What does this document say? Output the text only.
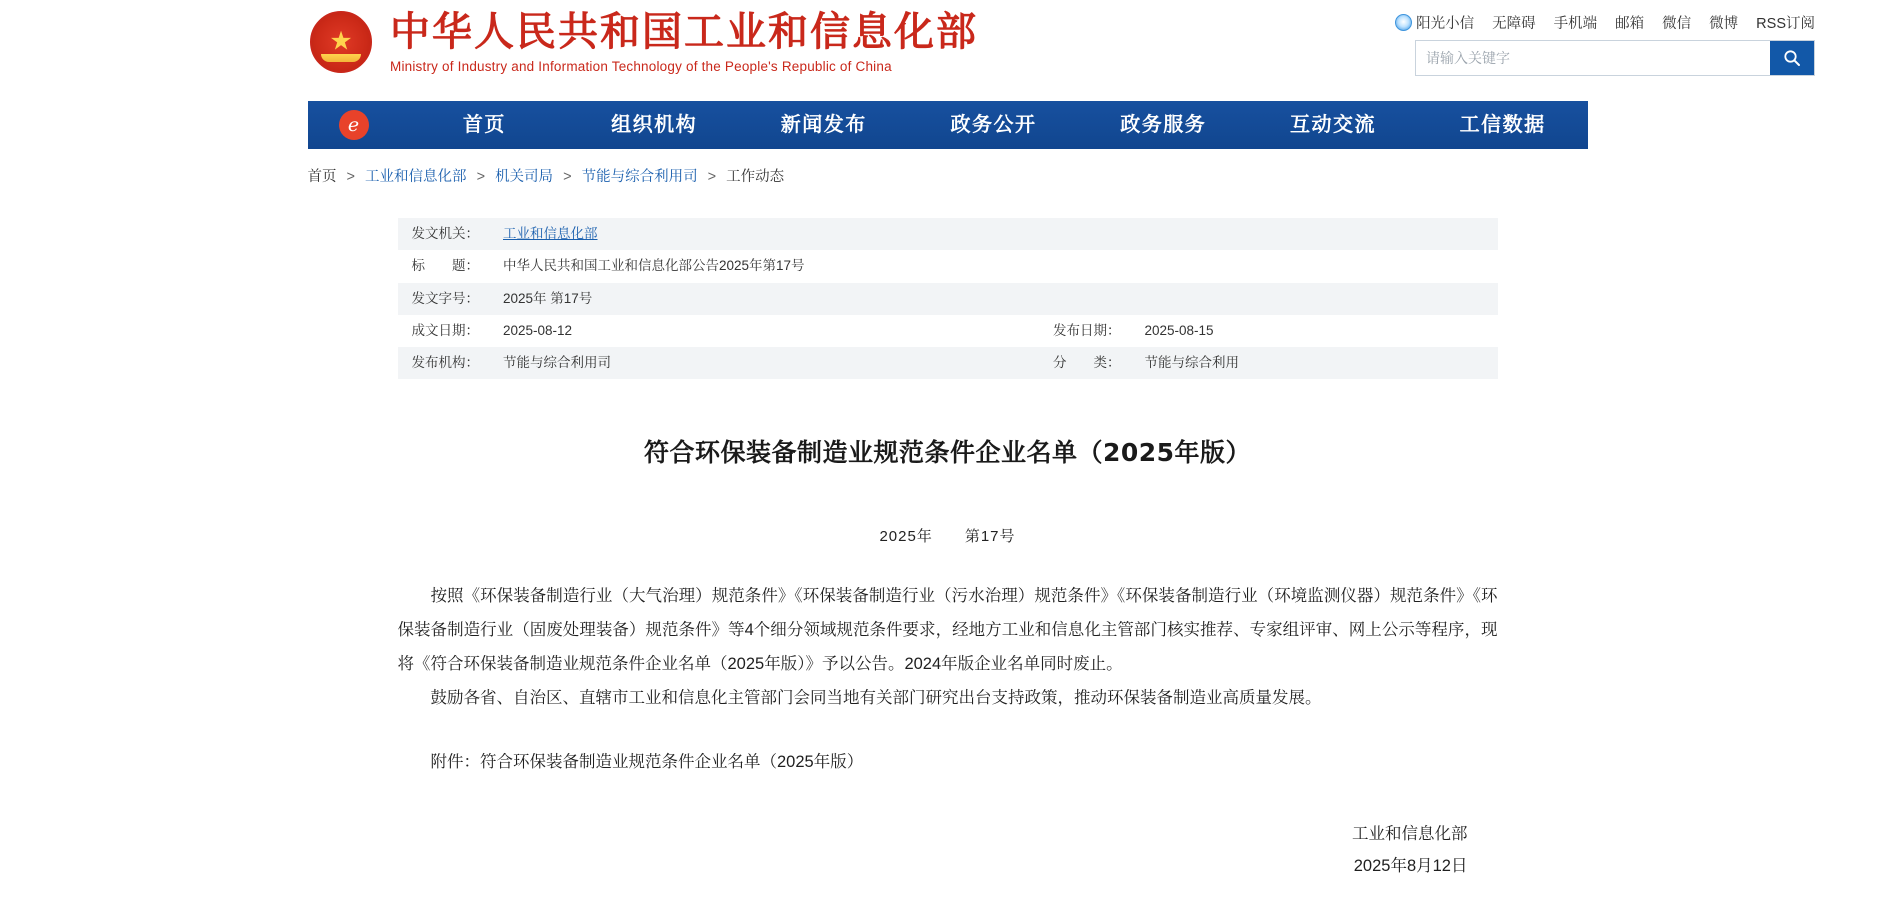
阳光小信 无障碍 手机端 邮箱 微信 微博 RSS订阅
请输入关键字
★
中华人民共和国工业和信息化部
Ministry of Industry and Information Technology of the People's Republic of China
e
首页	组织机构	新闻发布	政务公开	政务服务	互动交流	工信数据
首页 > 工业和信息化部 > 机关司局 > 节能与综合利用司 > 工作动态
发文机关：	工业和信息化部		
标　　题：	中华人民共和国工业和信息化部公告2025年第17号		
发文字号：	2025年 第17号		
成文日期：	2025-08-12	发布日期：	2025-08-15
发布机构：	节能与综合利用司	分　　类：	节能与综合利用
符合环保装备制造业规范条件企业名单（2025年版）
2025年　　第17号

按照《环保装备制造行业（大气治理）规范条件》《环保装备制造行业（污水治理）规范条件》《环保装备制造行业（环境监测仪器）规范条件》《环保装备制造行业（固废处理装备）规范条件》等4个细分领域规范条件要求，经地方工业和信息化主管部门核实推荐、专家组评审、网上公示等程序，现将《符合环保装备制造业规范条件企业名单（2025年版）》予以公告。2024年版企业名单同时废止。

鼓励各省、自治区、直辖市工业和信息化主管部门会同当地有关部门研究出台支持政策，推动环保装备制造业高质量发展。

附件：符合环保装备制造业规范条件企业名单（2025年版）

工业和信息化部
2025年8月12日
